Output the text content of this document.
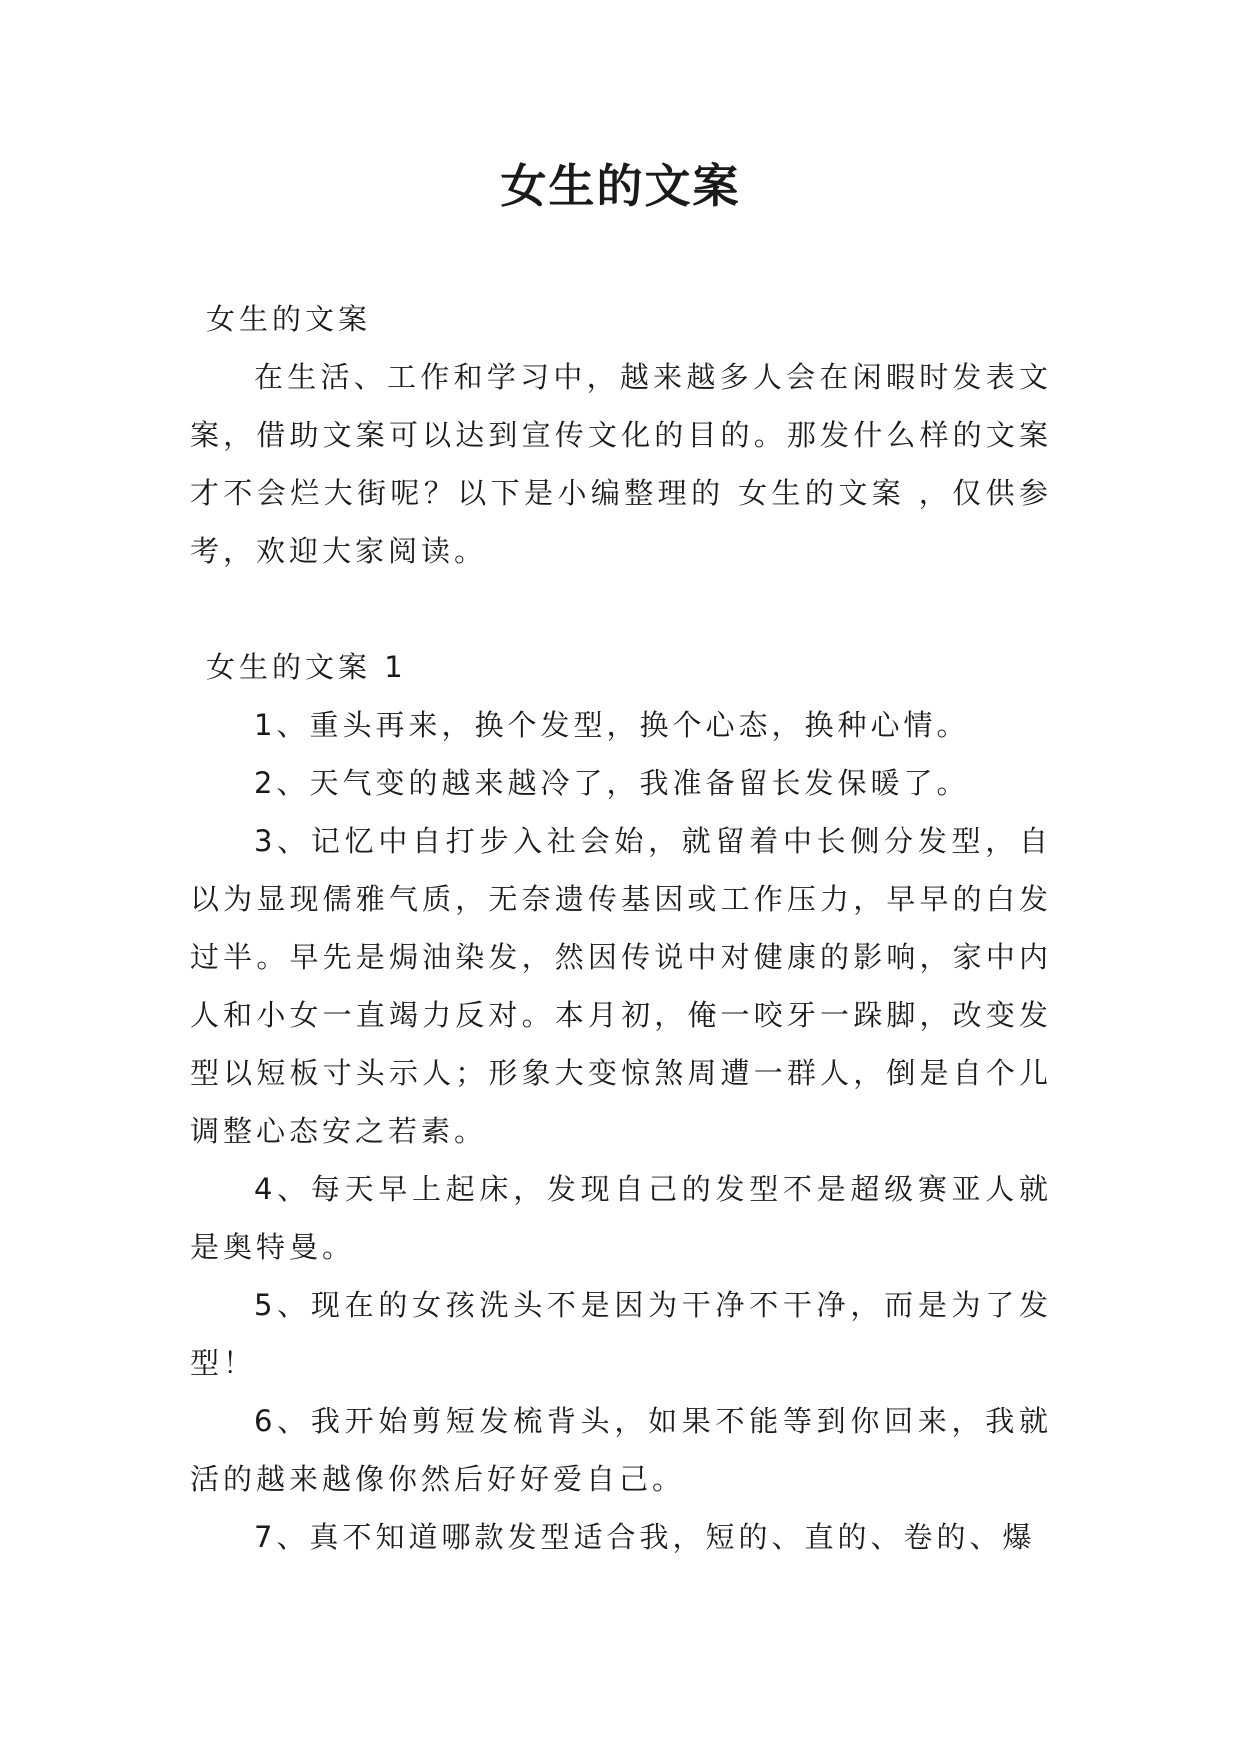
女生的文案

女生的文案

在生活、工作和学习中，越来越多人会在闲暇时发表文案，借助文案可以达到宣传文化的目的。那发什么样的文案才不会烂大街呢？以下是小编整理的 女生的文案 ，仅供参考，欢迎大家阅读。

女生的文案 1

1、重头再来，换个发型，换个心态，换种心情。

2、天气变的越来越冷了，我准备留长发保暖了。

3、记忆中自打步入社会始，就留着中长侧分发型，自以为显现儒雅气质，无奈遗传基因或工作压力，早早的白发过半。早先是焗油染发，然因传说中对健康的影响，家中内人和小女一直竭力反对。本月初，俺一咬牙一跺脚，改变发型以短板寸头示人；形象大变惊煞周遭一群人，倒是自个儿调整心态安之若素。

4、每天早上起床，发现自己的发型不是超级赛亚人就是奥特曼。

5、现在的女孩洗头不是因为干净不干净，而是为了发型！

6、我开始剪短发梳背头，如果不能等到你回来，我就活的越来越像你然后好好爱自己。

7、真不知道哪款发型适合我，短的、直的、卷的、爆
